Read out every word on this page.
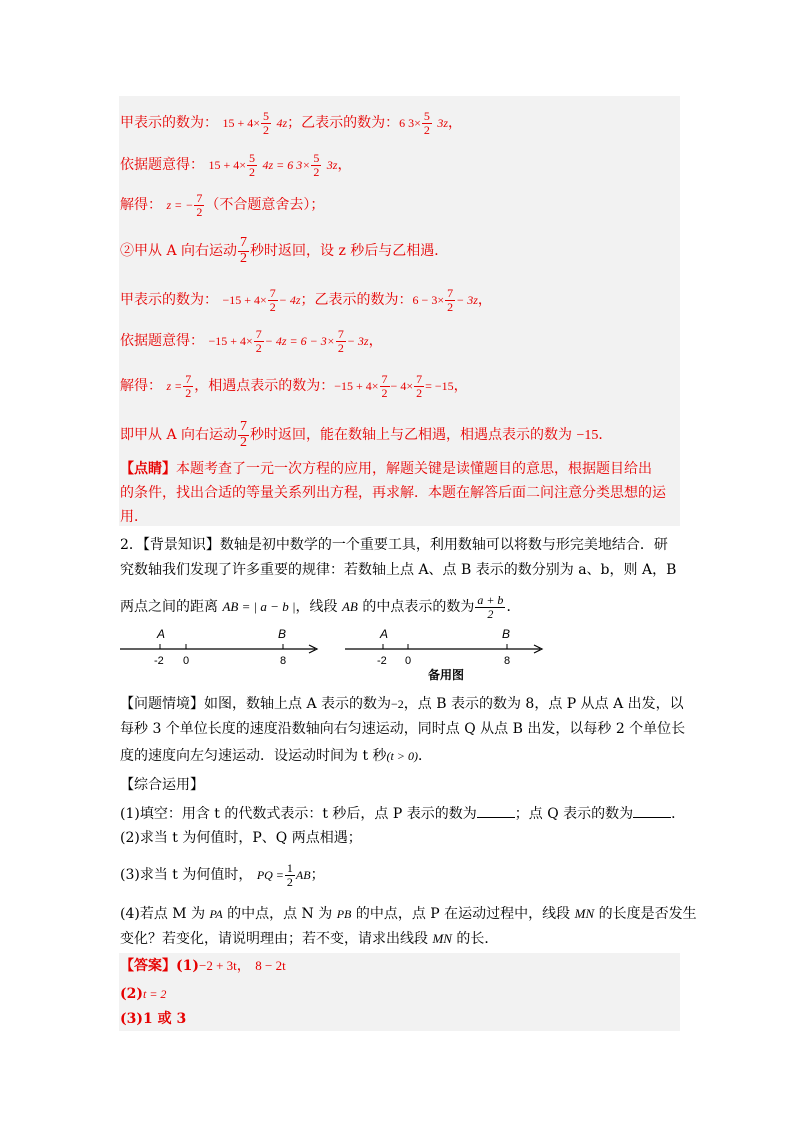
甲表示的数为： $15 + 4\times \frac{5}{2} 4z$；乙表示的数为：6 $3\times \frac{5}{2} 3z$，
依据题意得： $15 + 4\times \frac{5}{2} 4z = 6$ $3\times \frac{5}{2} 3z$，
解得： z = − $\frac{7}{2}$ （不合题意舍去）；
②甲从 A 向右运动 $\frac{7}{2}$ 秒时返回，设 z 秒后与乙相遇．
甲表示的数为： $-15 + 4\times \frac{7}{2} - 4z$；乙表示的数为：$6 - 3\times \frac{7}{2} - 3z$，
依据题意得： $-15 + 4\times \frac{7}{2} - 4z = 6 - 3\times \frac{7}{2} - 3z$，
解得： $z = \frac{7}{2}$ ，相遇点表示的数为：$-15 + 4\times \frac{7}{2} - 4\times \frac{7}{2} = -15$，
即甲从 A 向右运动 $\frac{7}{2}$ 秒时返回，能在数轴上与乙相遇，相遇点表示的数为 −15．
【点睛】本题考查了一元一次方程的应用，解题关键是读懂题目的意思，根据题目给出
的条件，找出合适的等量关系列出方程，再求解．本题在解答后面二问注意分类思想的运
用．
2．【背景知识】数轴是初中数学的一个重要工具，利用数轴可以将数与形完美地结合．研
究数轴我们发现了许多重要的规律：若数轴上点 A、点 B 表示的数分别为 a、b，则 A，B
两点之间的距离 AB = | a − b |，线段 AB 的中点表示的数为 $\frac{a + b}{2}$ ．
A	B
-2 0	8
A	B
-2 0	8
备用图
【问题情境】如图，数轴上点 A 表示的数为−2，点 B 表示的数为 8，点 P 从点 A 出发，以
每秒 3 个单位长度的速度沿数轴向右匀速运动，同时点 Q 从点 B 出发，以每秒 2 个单位长
度的速度向左匀速运动．设运动时间为 t 秒(t > 0)．
【综合运用】
(1)填空：用含 t 的代数式表示：t 秒后，点 P 表示的数为	；点 Q 表示的数为	．
(2)求当 t 为何值时，P、Q 两点相遇；
(3)求当 t 为何值时， PQ = $\frac{1}{2}$ AB；
(4)若点 M 为 PA 的中点，点 N 为 PB 的中点，点 P 在运动过程中，线段 MN 的长度是否发生
变化？若变化，请说明理由；若不变，请求出线段 MN 的长．
【答案】(1)−2 + 3t， 8 − 2t
(2)t = 2
(3)1 或 3
